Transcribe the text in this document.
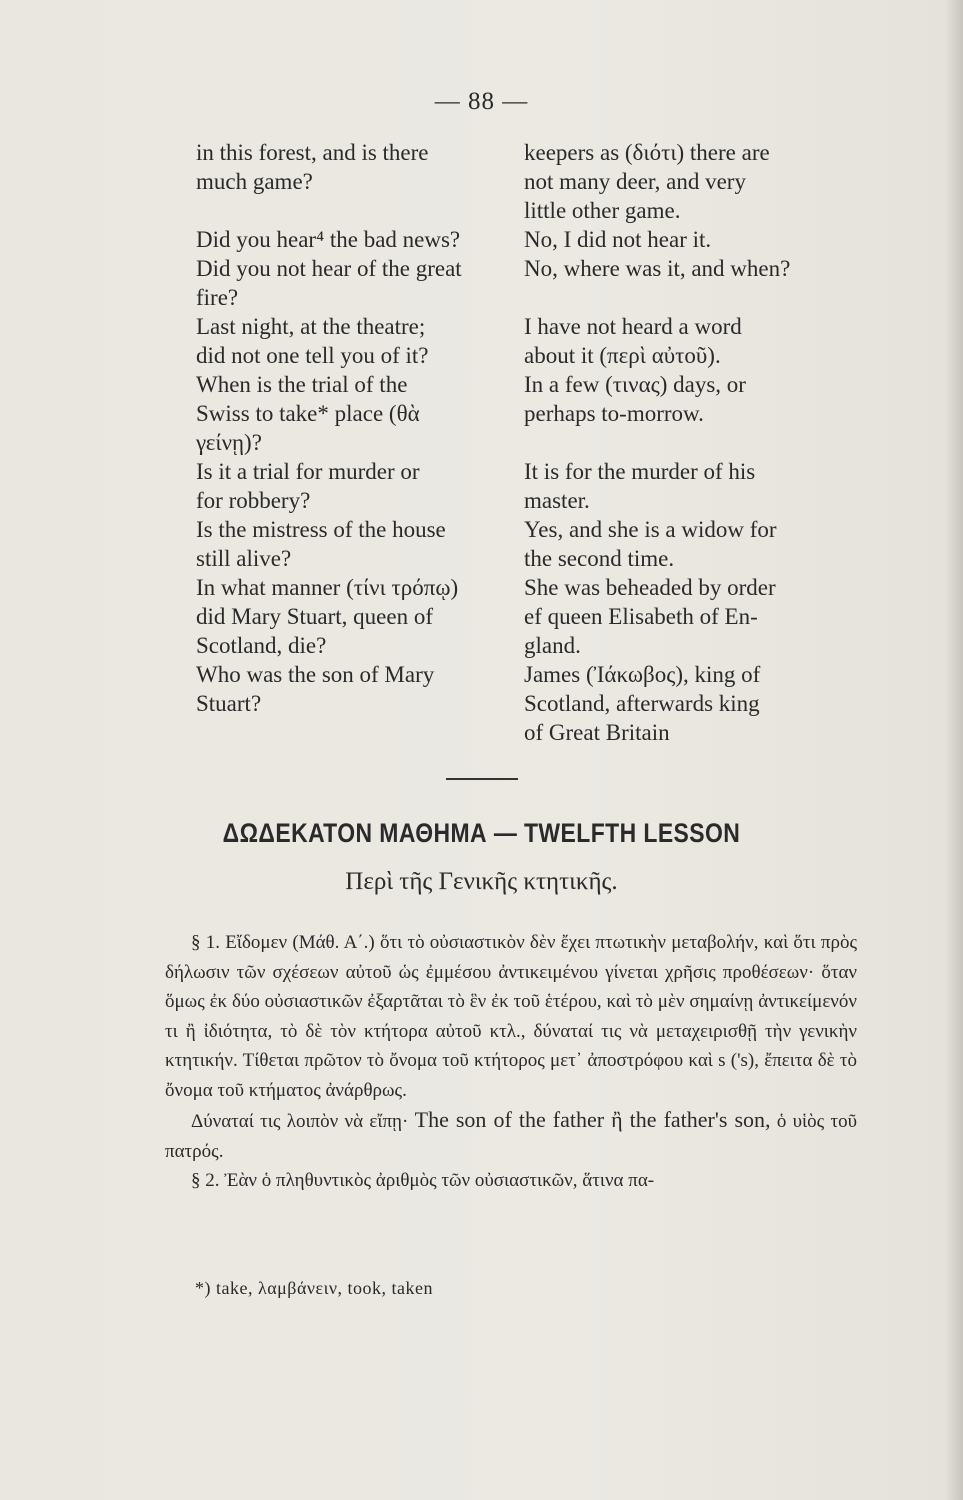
— 88 —
in this forest, and is there
much game?
keepers as (διότι) there are
not many deer, and very
little other game.
Did you hear⁴ the bad news?	No, I did not hear it.
Did you not hear of the great
fire?
No, where was it, and when?
Last night, at the theatre;
did not one tell you of it?
I have not heard a word
about it (περὶ αὐτοῦ).
When is the trial of the
Swiss to take* place (θὰ
γείνῃ)?
In a few (τινας) days, or
perhaps to-morrow.
Is it a trial for murder or
for robbery?
It is for the murder of his
master.
Is the mistress of the house
still alive?
Yes, and she is a widow for
the second time.
In what manner (τίνι τρόπῳ)
did Mary Stuart, queen of
Scotland, die?
She was beheaded by order
ef queen Elisabeth of En-
gland.
Who was the son of Mary
Stuart?
James (Ἰάκωβος), king of
Scotland, afterwards king
of Great Britain
ΔΩΔΕΚΑΤΟΝ ΜΑΘΗΜΑ — TWELFTH LESSON
Περὶ τῆς Γενικῆς κτητικῆς.

§ 1. Εἴδομεν (Μάθ. Α΄.) ὅτι τὸ οὐσιαστικὸν δὲν ἔχει πτωτικὴν μεταβολήν, καὶ ὅτι πρὸς δήλωσιν τῶν σχέσεων αὐτοῦ ὡς ἐμμέσου ἀντικειμένου γίνεται χρῆσις προθέσεων· ὅταν ὅμως ἐκ δύο οὐσιαστικῶν ἐξαρτᾶται τὸ ἓν ἐκ τοῦ ἑτέρου, καὶ τὸ μὲν σημαίνῃ ἀντικείμενόν τι ἢ ἰδιότητα, τὸ δὲ τὸν κτήτορα αὐτοῦ κτλ., δύναταί τις νὰ μεταχειρισθῇ τὴν γενικὴν κτητικήν. Τίθεται πρῶτον τὸ ὄνομα τοῦ κτήτορος μετ᾽ ἀποστρόφου καὶ s ('s), ἔπειτα δὲ τὸ ὄνομα τοῦ κτήματος ἀνάρθρως.

Δύναταί τις λοιπὸν νὰ εἴπῃ· The son of the father ἢ the father's son, ὁ υἱὸς τοῦ πατρός.

§ 2. Ἐὰν ὁ πληθυντικὸς ἀριθμὸς τῶν οὐσιαστικῶν, ἅτινα πα-

*) take, λαμβάνειν, took, taken
